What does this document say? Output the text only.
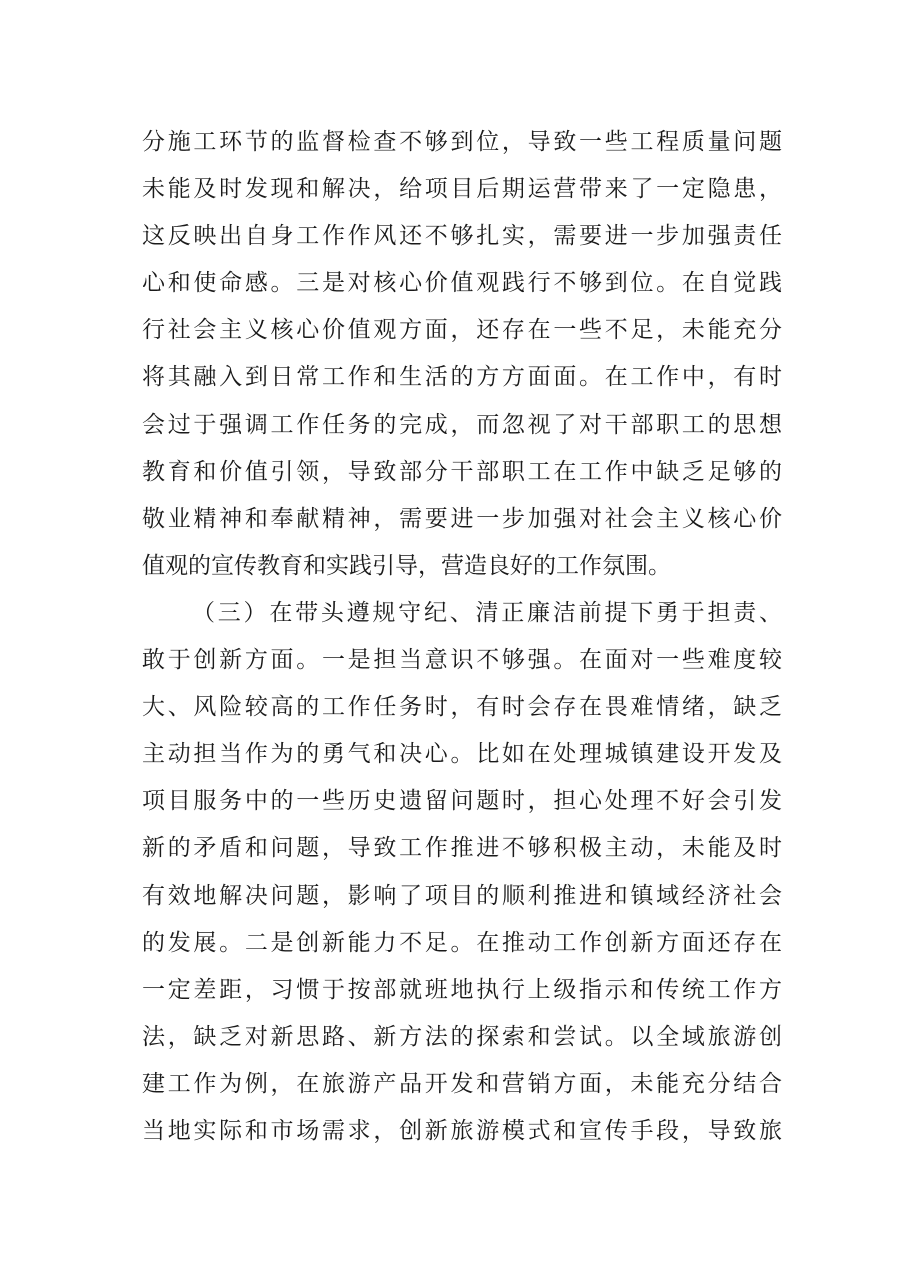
分施工环节的监督检查不够到位，导致一些工程质量问题
未能及时发现和解决，给项目后期运营带来了一定隐患，
这反映出自身工作作风还不够扎实，需要进一步加强责任
心和使命感。三是对核心价值观践行不够到位。在自觉践
行社会主义核心价值观方面，还存在一些不足，未能充分
将其融入到日常工作和生活的方方面面。在工作中，有时
会过于强调工作任务的完成，而忽视了对干部职工的思想
教育和价值引领，导致部分干部职工在工作中缺乏足够的
敬业精神和奉献精神，需要进一步加强对社会主义核心价
值观的宣传教育和实践引导，营造良好的工作氛围。
（三）在带头遵规守纪、清正廉洁前提下勇于担责、
敢于创新方面。一是担当意识不够强。在面对一些难度较
大、风险较高的工作任务时，有时会存在畏难情绪，缺乏
主动担当作为的勇气和决心。比如在处理城镇建设开发及
项目服务中的一些历史遗留问题时，担心处理不好会引发
新的矛盾和问题，导致工作推进不够积极主动，未能及时
有效地解决问题，影响了项目的顺利推进和镇域经济社会
的发展。二是创新能力不足。在推动工作创新方面还存在
一定差距，习惯于按部就班地执行上级指示和传统工作方
法，缺乏对新思路、新方法的探索和尝试。以全域旅游创
建工作为例，在旅游产品开发和营销方面，未能充分结合
当地实际和市场需求，创新旅游模式和宣传手段，导致旅
